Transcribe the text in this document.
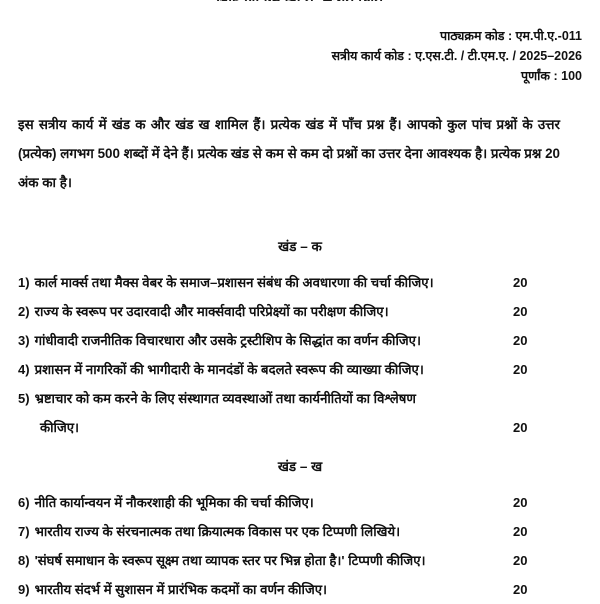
पाठ्यक्रम कोड : एम.पी.ए.-011
सत्रीय कार्य कोड : ए.एस.टी. / टी.एम.ए. / 2025–2026
पूर्णांक : 100
इस सत्रीय कार्य में खंड क और खंड ख शामिल हैं। प्रत्येक खंड में पाँच प्रश्न हैं। आपको कुल पांच प्रश्नों के उत्तर (प्रत्येक) लगभग 500 शब्दों में देने हैं। प्रत्येक खंड से कम से कम दो प्रश्नों का उत्तर देना आवश्यक है। प्रत्येक प्रश्न 20 अंक का है।
खंड – क
1) कार्ल मार्क्स तथा मैक्स वेबर के समाज–प्रशासन संबंध की अवधारणा की चर्चा कीजिए।	20
2) राज्य के स्वरूप पर उदारवादी और मार्क्सवादी परिप्रेक्ष्यों का परीक्षण कीजिए।	20
3) गांधीवादी राजनीतिक विचारधारा और उसके ट्रस्टीशिप के सिद्धांत का वर्णन कीजिए।	20
4) प्रशासन में नागरिकों की भागीदारी के मानदंडों के बदलते स्वरूप की व्याख्या कीजिए।	20
5) भ्रष्टाचार को कम करने के लिए संस्थागत व्यवस्थाओं तथा कार्यनीतियों का विश्लेषण
कीजिए।	20
खंड – ख
6) नीति कार्यान्वयन में नौकरशाही की भूमिका की चर्चा कीजिए।	20
7) भारतीय राज्य के संरचनात्मक तथा क्रियात्मक विकास पर एक टिप्पणी लिखिये।	20
8) 'संघर्ष समाधान के स्वरूप सूक्ष्म तथा व्यापक स्तर पर भिन्न होता है।' टिप्पणी कीजिए।	20
9) भारतीय संदर्भ में सुशासन में प्रारंभिक कदमों का वर्णन कीजिए।	20
